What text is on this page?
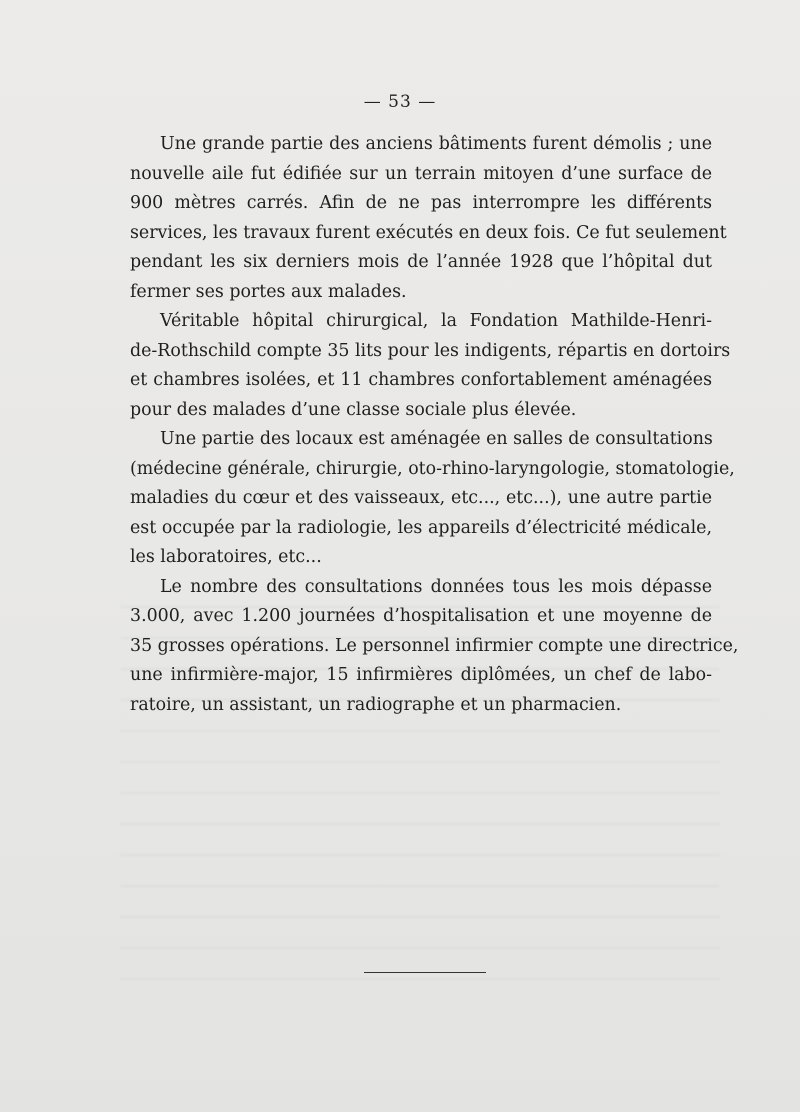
— 53 —

Une grande partie des anciens bâtiments furent démolis ; une
nouvelle aile fut édifiée sur un terrain mitoyen d’une surface de
900 mètres carrés. Afin de ne pas interrompre les différents
services, les travaux furent exécutés en deux fois. Ce fut seulement
pendant les six derniers mois de l’année 1928 que l’hôpital dut
fermer ses portes aux malades.

Véritable hôpital chirurgical, la Fondation Mathilde-Henri-
de-Rothschild compte 35 lits pour les indigents, répartis en dortoirs
et chambres isolées, et 11 chambres confortablement aménagées
pour des malades d’une classe sociale plus élevée.

Une partie des locaux est aménagée en salles de consultations
(médecine générale, chirurgie, oto-rhino-laryngologie, stomatologie,
maladies du cœur et des vaisseaux, etc..., etc...), une autre partie
est occupée par la radiologie, les appareils d’électricité médicale,
les laboratoires, etc...

Le nombre des consultations données tous les mois dépasse
3.000, avec 1.200 journées d’hospitalisation et une moyenne de
35 grosses opérations. Le personnel infirmier compte une directrice,
une infirmière-major, 15 infirmières diplômées, un chef de labo-
ratoire, un assistant, un radiographe et un pharmacien.
